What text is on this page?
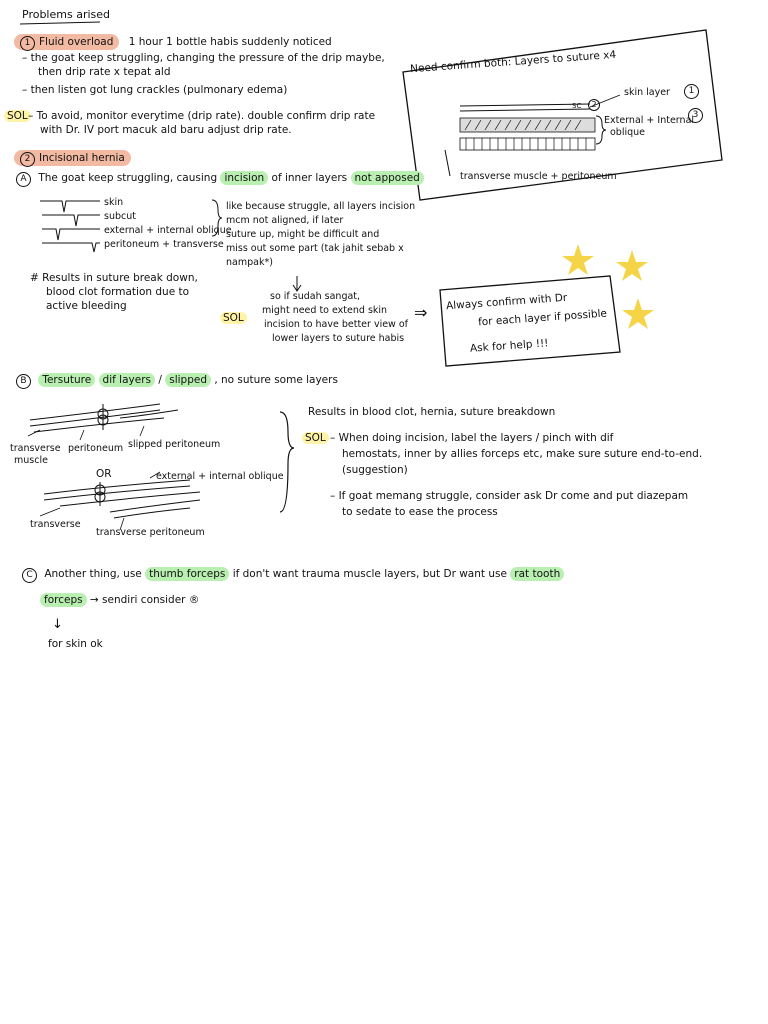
Problems arised
1 Fluid overload 1 hour 1 bottle habis suddenly noticed
– the goat keep struggling, changing the pressure of the drip maybe,
then drip rate x tepat ald
– then listen got lung crackles (pulmonary edema)
SOL – To avoid, monitor everytime (drip rate). double confirm drip rate
with Dr. IV port macuk ald baru adjust drip rate.
Need confirm both: Layers to suture x4
skin layer	1
SC	2
External + Internal
oblique
3
transverse muscle + peritoneum
2 Incisional hernia
A The goat keep struggling, causing incision of inner layers not apposed
skin
subcut
external + internal oblique
peritoneum + transverse
like because struggle, all layers incision
mcm not aligned, if later
suture up, might be difficult and
miss out some part (tak jahit sebab x
nampak*)
# Results in suture break down,
blood clot formation due to
active bleeding
so if sudah sangat,
might need to extend skin
incision to have better view of
lower layers to suture habis
SOL	⇒
Always confirm with Dr
for each layer if possible
Ask for help !!!
B Tersuture dif layers / slipped , no suture some layers
transverse
muscle
peritoneum slipped peritoneum
OR	external + internal oblique
transverse
transverse peritoneum
Results in blood clot, hernia, suture breakdown
SOL – When doing incision, label the layers / pinch with dif
hemostats, inner by allies forceps etc, make sure suture end-to-end.
(suggestion)
– If goat memang struggle, consider ask Dr come and put diazepam
to sedate to ease the process
C Another thing, use thumb forceps if don't want trauma muscle layers, but Dr want use rat tooth
forceps → sendiri consider ®
↓
for skin ok
